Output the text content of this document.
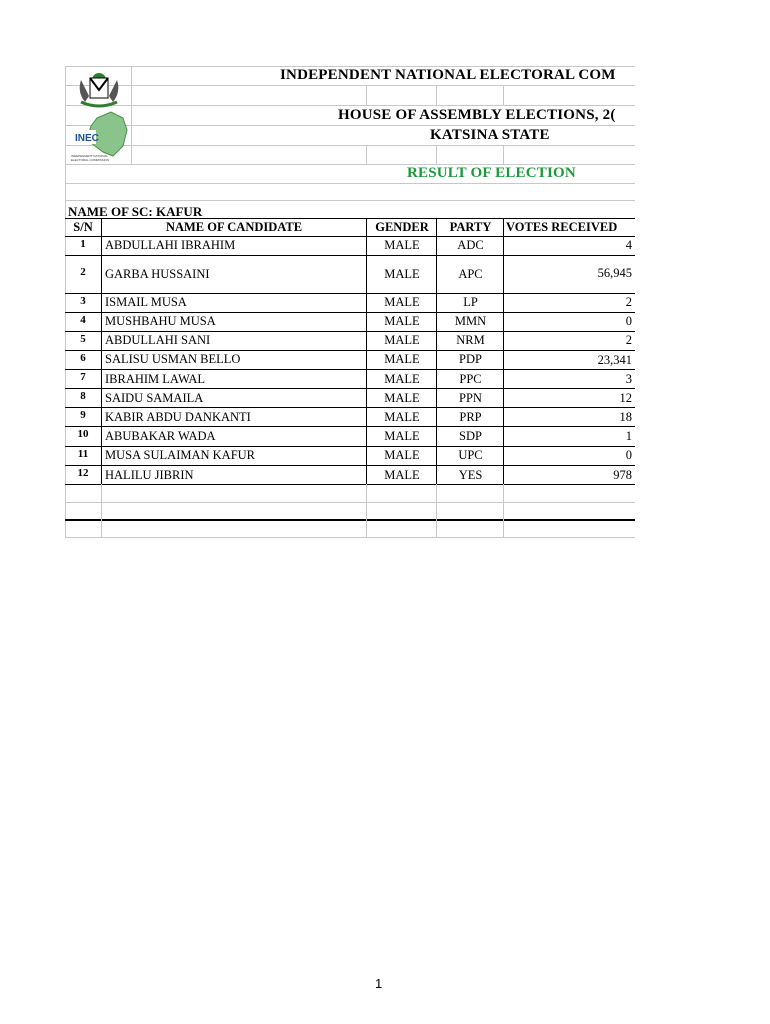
INEC
INDEPENDENT NATIONAL
ELECTORAL COMMISSION
INDEPENDENT NATIONAL ELECTORAL COM
HOUSE OF ASSEMBLY ELECTIONS, 2(
KATSINA STATE
RESULT OF ELECTION
NAME OF SC: KAFUR
S/N	NAME OF CANDIDATE	GENDER	PARTY	VOTES RECEIVED
1	ABDULLAHI IBRAHIM	MALE	ADC	4
2	GARBA HUSSAINI	MALE	APC	56,945
3	ISMAIL MUSA	MALE	LP	2
4	MUSHBAHU MUSA	MALE	MMN	0
5	ABDULLAHI SANI	MALE	NRM	2
6	SALISU USMAN BELLO	MALE	PDP	23,341
7	IBRAHIM LAWAL	MALE	PPC	3
8	SAIDU SAMAILA	MALE	PPN	12
9	KABIR ABDU DANKANTI	MALE	PRP	18
10	ABUBAKAR WADA	MALE	SDP	1
11	MUSA SULAIMAN KAFUR	MALE	UPC	0
12	HALILU JIBRIN	MALE	YES	978
1
